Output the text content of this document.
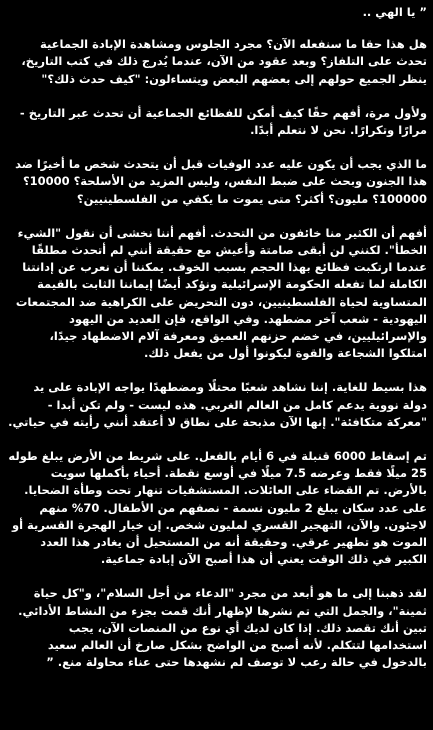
” يا الهي ..

هل هذا حقا ما سنفعله الآن؟ مجرد الجلوس ومشاهدة الإبادة الجماعية تحدث على التلفاز؟ وبعد عقود من الآن، عندما يُدرج ذلك في كتب التاريخ، ينظر الجميع حولهم إلى بعضهم البعض ويتساءلون: "كيف حدث ذلك؟"

ولأول مرة، أفهم حقًا كيف أمكن للفظائع الجماعية أن تحدث عبر التاريخ - مرارًا وتكرارًا. نحن لا نتعلم أبدًا.

ما الذي يجب أن يكون عليه عدد الوفيات قبل أن يتحدث شخص ما أخيرًا ضد هذا الجنون وبحث على ضبط النفس، وليس المزيد من الأسلحة؟ 10000؟ 100000؟ مليون؟ أكثر؟ متى يموت ما يكفي من الفلسطينيين؟

أفهم أن الكثير منا خائفون من التحدث. أفهم أننا نخشى أن نقول "الشيء الخطأ". لكنني لن أبقى صامتة وأعيش مع حقيقة أنني لم أتحدث مطلقًا عندما ارتكبت فظائع بهذا الحجم بسبب الخوف. يمكننا أن نعرب عن إدانتنا الكاملة لما تفعله الحكومة الإسرائيلية ونؤكد أيضًا إيماننا الثابت بالقيمة المتساوية لحياة الفلسطينيين، دون التحريض على الكراهية ضد المجتمعات اليهودية - شعب آخر مضطهد. وفي الواقع، فإن العديد من اليهود والإسرائيليين، في خضم حزنهم العميق ومعرفة آلام الاضطهاد جيدًا، امتلكوا الشجاعة والقوة ليكونوا أول من يفعل ذلك.

هذا بسيط للغاية. إننا نشاهد شعبًا محتلًا ومضطهدًا يواجه الإبادة على يد دولة نووية يدعم كامل من العالم الغربي. هذه ليست - ولم تكن أبدا - "معركة متكافئة". إنها الآن مذبحة على نطاق لا أعتقد أنني رأيته في حياتي.

تم إسقاط 6000 قنبلة في 6 أيام بالفعل. على شريط من الأرض يبلغ طوله 25 ميلًا فقط وعرضه 7.5 ميلًا في أوسع نقطة. أحياء بأكملها سويت بالأرض. تم القضاء على العائلات. المستشفيات تنهار تحت وطأة الضحايا. على عدد سكان يبلغ 2 مليون نسمة - نصفهم من الأطفال. 70% منهم لاجئون. والآن، التهجير القسري لمليون شخص. إن خيار الهجرة القسرية أو الموت هو تطهير عرقي. وحقيقة أنه من المستحيل أن يغادر هذا العدد الكبير في ذلك الوقت يعني أن هذا أصبح الآن إبادة جماعية.

لقد ذهبنا إلى ما هو أبعد من مجرد "الدعاء من أجل السلام"، و"كل حياة ثمينة"، والجمل التي تم نشرها لإظهار أنك قمت بجزء من النشاط الأدائي. تبين أنك تقصد ذلك. إذا كان لديك أي نوع من المنصات الآن، يجب استخدامها لتتكلم. لأنه أصبح من الواضح بشكل صارخ أن العالم سعيد بالدخول في حالة رعب لا توصف لم نشهدها حتى عناء محاولة منع. ”
